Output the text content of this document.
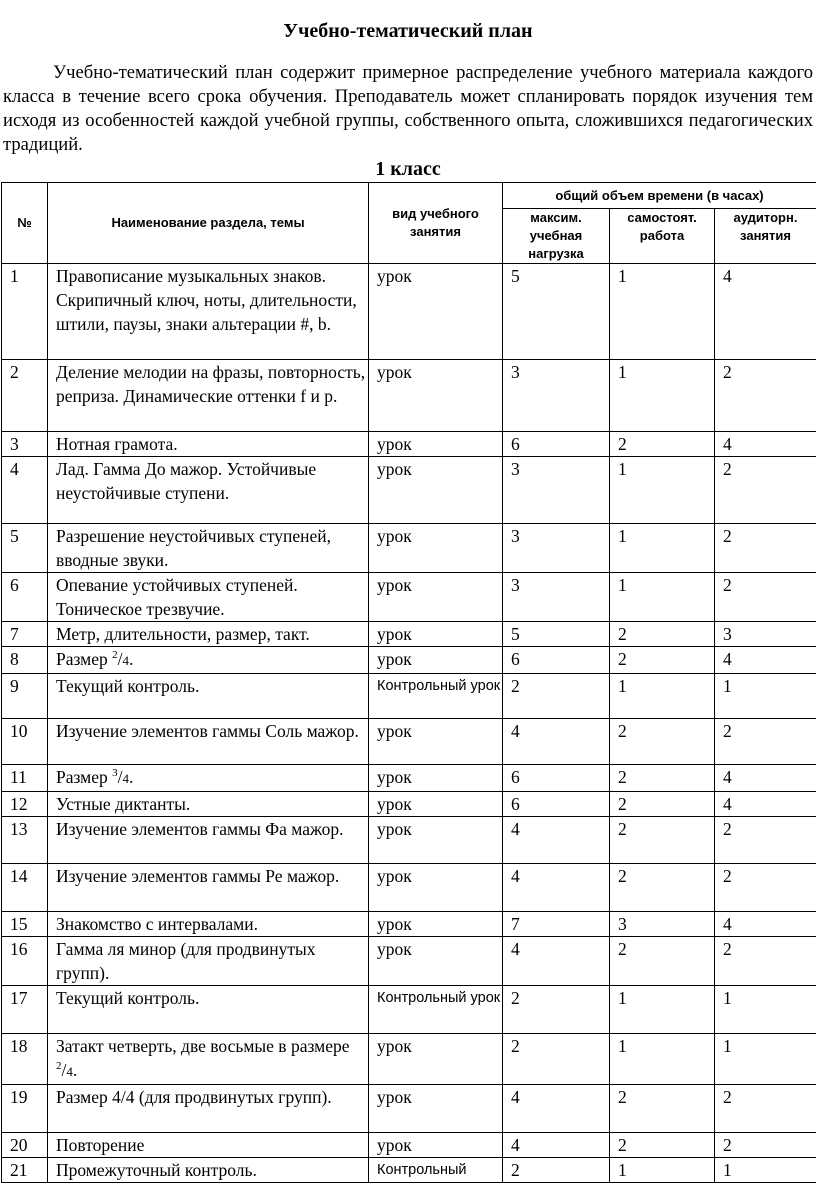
Учебно-тематический план

Учебно-тематический план содержит примерное распределение учебного материала каждого класса в течение всего срока обучения. Преподаватель может спланировать порядок изучения тем исходя из особенностей каждой учебной группы, собственного опыта, сложившихся педагогических традиций.

1 класс
№	Наименование раздела, темы	вид учебного занятия	общий объем времени (в часах)		
			максим. учебная нагрузка	самостоят. работа	аудиторн. занятия
1	Правописание музыкальных знаков. Скрипичный ключ, ноты, длительности, штили, паузы, знаки альтерации #, b.	урок	5	1	4
2	Деление мелодии на фразы, повторность, реприза. Динамические оттенки f и p.	урок	3	1	2
3	Нотная грамота.	урок	6	2	4
4	Лад. Гамма До мажор. Устойчивые неустойчивые ступени.	урок	3	1	2
5	Разрешение неустойчивых ступеней, вводные звуки.	урок	3	1	2
6	Опевание устойчивых ступеней. Тоническое трезвучие.	урок	3	1	2
7	Метр, длительности, размер, такт.	урок	5	2	3
8	Размер $^2$/4.	урок	6	2	4
9	Текущий контроль.	Контрольный урок	2	1	1
10	Изучение элементов гаммы Соль мажор.	урок	4	2	2
11	Размер $^3$/4.	урок	6	2	4
12	Устные диктанты.	урок	6	2	4
13	Изучение элементов гаммы Фа мажор.	урок	4	2	2
14	Изучение элементов гаммы Ре мажор.	урок	4	2	2
15	Знакомство с интервалами.	урок	7	3	4
16	Гамма ля минор (для продвинутых групп).	урок	4	2	2
17	Текущий контроль.	Контрольный урок	2	1	1
18	Затакт четверть, две восьмые в размере $^2$/4.	урок	2	1	1
19	Размер 4/4 (для продвинутых групп).	урок	4	2	2
20	Повторение	урок	4	2	2
21	Промежуточный контроль.	Контрольный	2	1	1
